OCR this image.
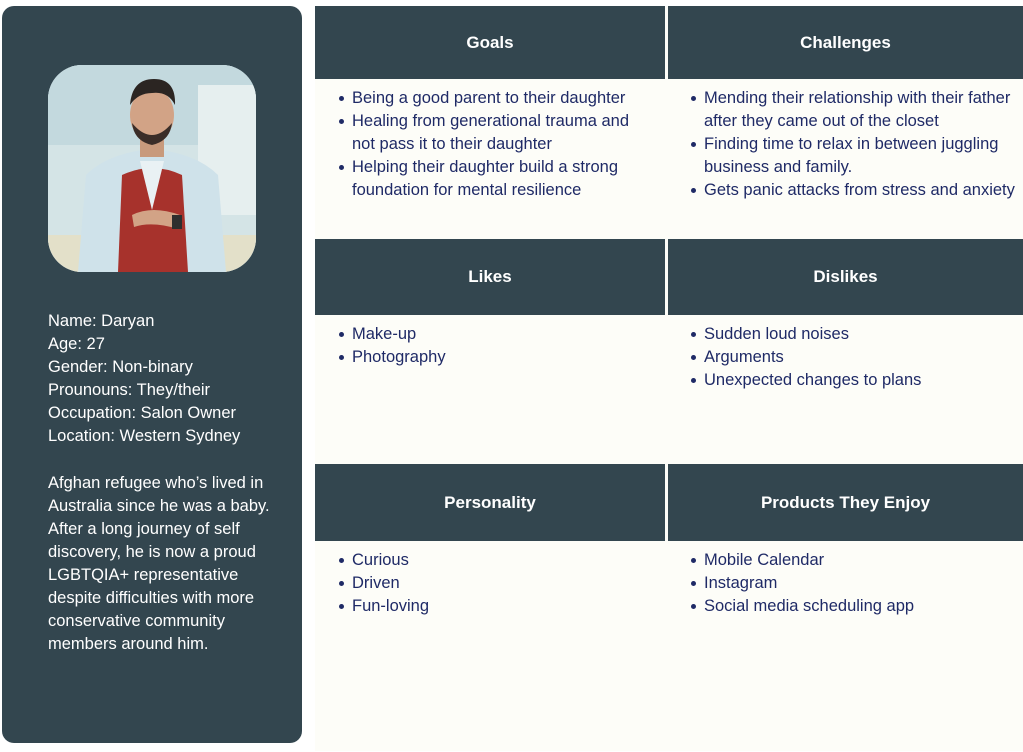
Name: Daryan
Age: 27
Gender: Non-binary
Prounouns: They/their
Occupation: Salon Owner
Location: Western Sydney
Afghan refugee who’s lived in Australia since he was a baby. After a long journey of self discovery, he is now a proud LGBTQIA+ representative despite difficulties with more conservative community members around him.
Goals	Challenges
Being a good parent to their daughter
Healing from generational trauma and not pass it to their daughter
Helping their daughter build a strong foundation for mental resilience
Mending their relationship with their father after they came out of the closet
Finding time to relax in between juggling business and family.
Gets panic attacks from stress and anxiety
Likes	Dislikes
Make-up
Photography
Sudden loud noises
Arguments
Unexpected changes to plans
Personality	Products They Enjoy
Curious
Driven
Fun-loving
Mobile Calendar
Instagram
Social media scheduling app
